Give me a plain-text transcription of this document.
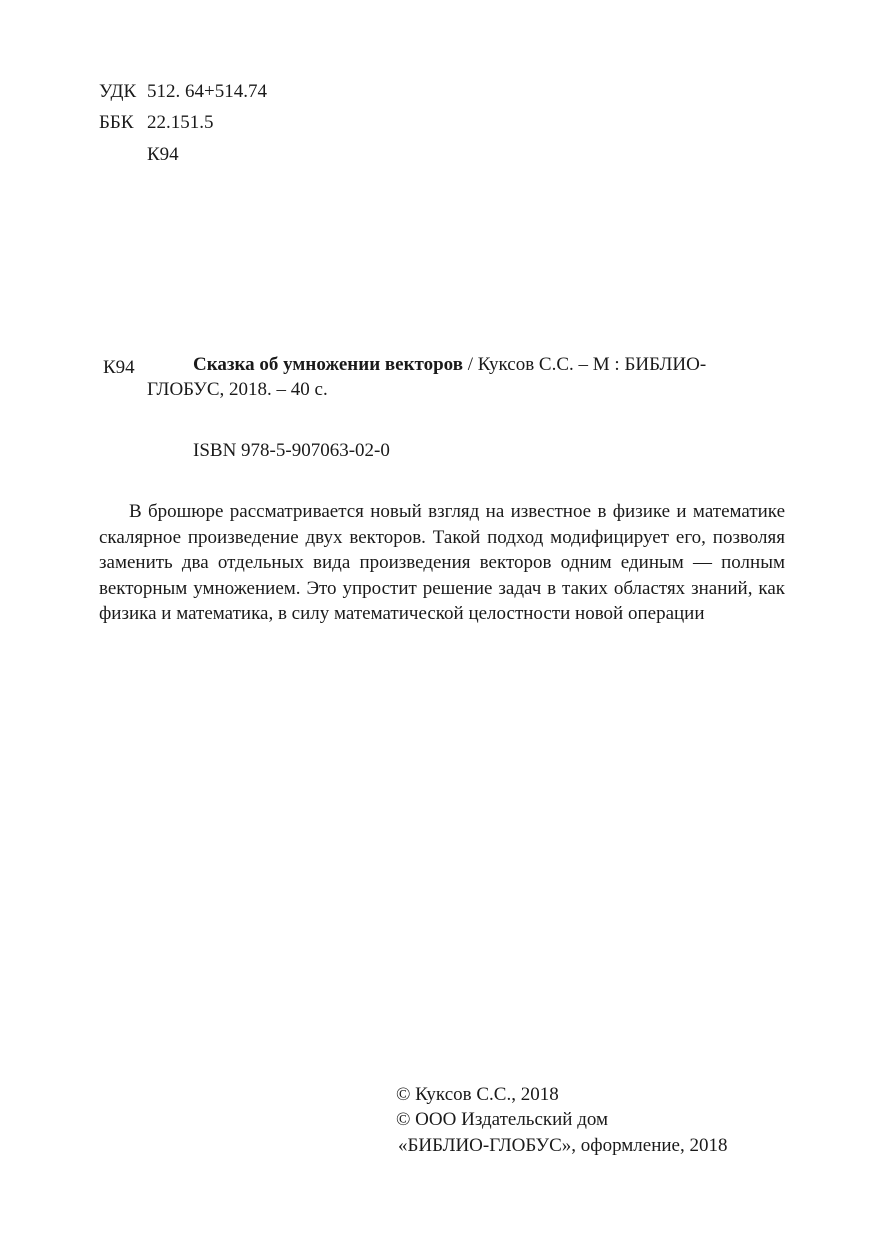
УДК 512. 64+514.74
ББК 22.151.5
К94
К94	Сказка об умножении векторов / Куксов С.С. – М : БИБЛИО-
ГЛОБУС, 2018. – 40 с.
ISBN 978-5-907063-02-0

В брошюре рассматривается новый взгляд на известное в физике и математике скалярное произведение двух векторов. Такой подход модифицирует его, позволяя заменить два отдельных вида произведения векторов одним единым — полным векторным умножением. Это упростит решение задач в таких областях знаний, как физика и математика, в силу математической целостности новой операции

© Куксов С.С., 2018
© ООО Издательский дом
«БИБЛИО-ГЛОБУС», оформление, 2018
